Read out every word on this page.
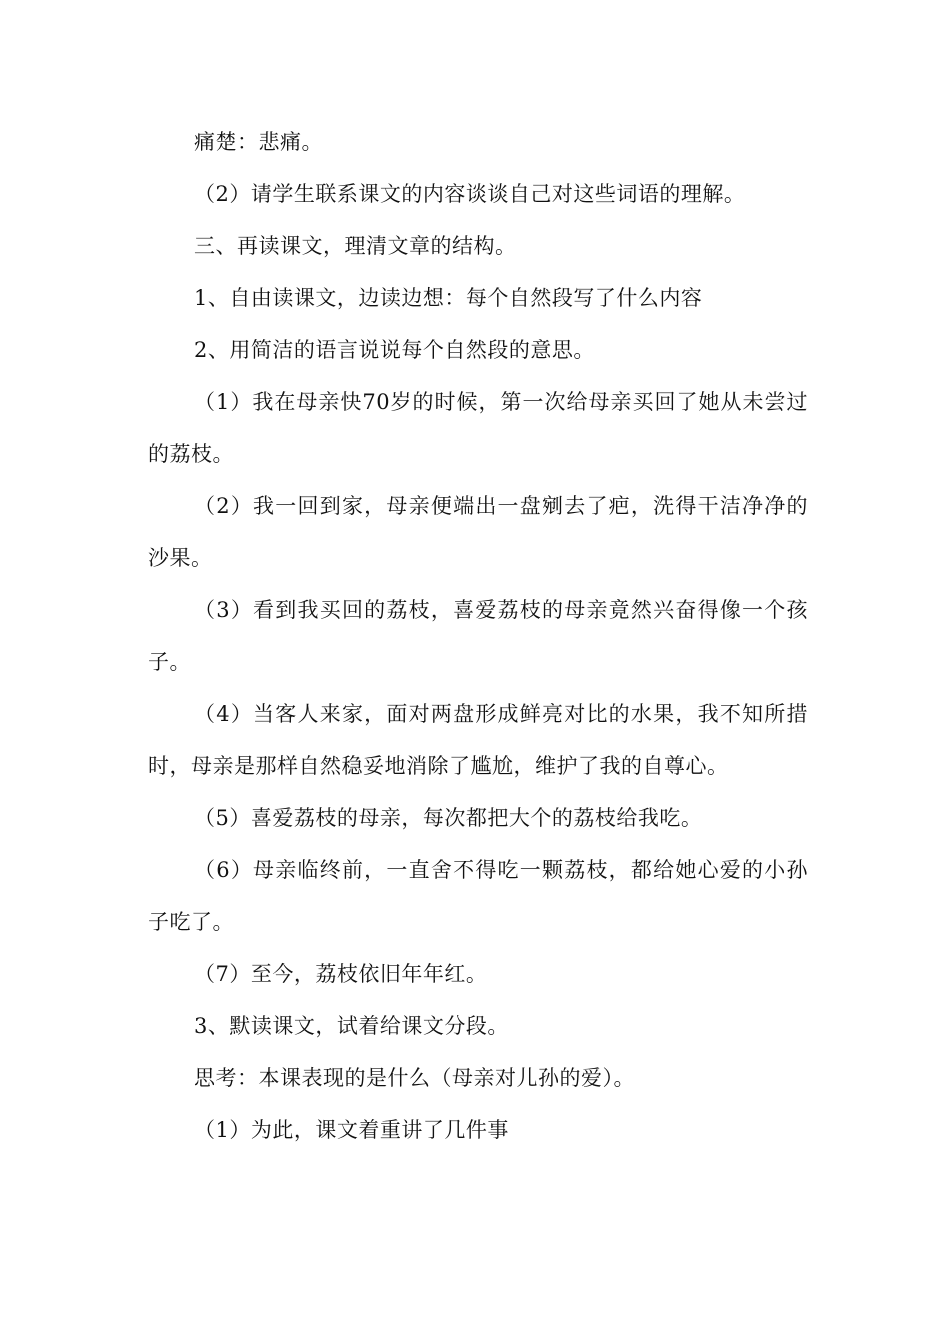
痛楚：悲痛。

（2）请学生联系课文的内容谈谈自己对这些词语的理解。

三、再读课文，理清文章的结构。

1、自由读课文，边读边想：每个自然段写了什么内容

2、用简洁的语言说说每个自然段的意思。

（1）我在母亲快70岁的时候，第一次给母亲买回了她从未尝过的荔枝。

（2）我一回到家，母亲便端出一盘剜去了疤，洗得干洁净净的沙果。

（3）看到我买回的荔枝，喜爱荔枝的母亲竟然兴奋得像一个孩子。

（4）当客人来家，面对两盘形成鲜亮对比的水果，我不知所措时，母亲是那样自然稳妥地消除了尴尬，维护了我的自尊心。

（5）喜爱荔枝的母亲，每次都把大个的荔枝给我吃。

（6）母亲临终前，一直舍不得吃一颗荔枝，都给她心爱的小孙子吃了。

（7）至今，荔枝依旧年年红。

3、默读课文，试着给课文分段。

思考：本课表现的是什么（母亲对儿孙的爱）。

（1）为此，课文着重讲了几件事
